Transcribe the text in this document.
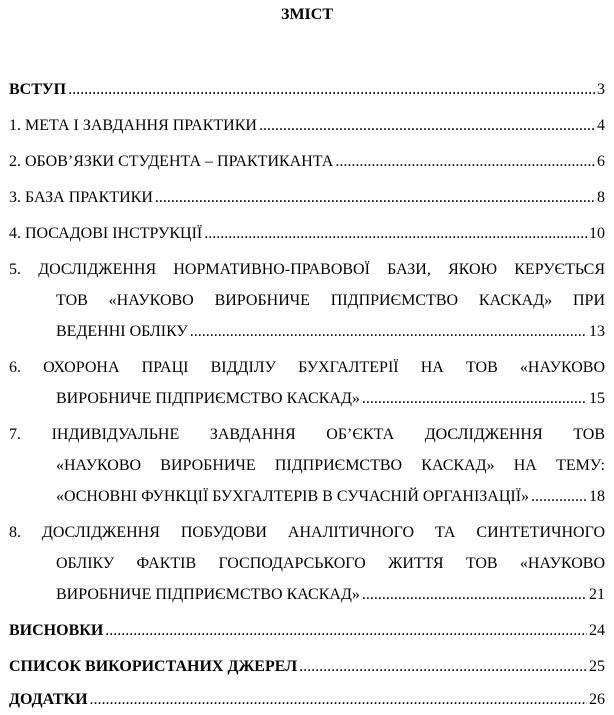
ЗМІСТ
ВСТУП .....	3
1. МЕТА І ЗАВДАННЯ ПРАКТИКИ .....	4
2. ОБОВ’ЯЗКИ СТУДЕНТА – ПРАКТИКАНТА .....	6
3. БАЗА ПРАКТИКИ .....	8
4. ПОСАДОВІ ІНСТРУКЦІЇ .....	10
5. ДОСЛІДЖЕННЯ НОРМАТИВНО-ПРАВОВОЇ БАЗИ, ЯКОЮ КЕРУЄТЬСЯ
ТОВ «НАУКОВО ВИРОБНИЧЕ ПІДПРИЄМСТВО КАСКАД» ПРИ
ВЕДЕННІ ОБЛІКУ .....	13
6. ОХОРОНА ПРАЦІ ВІДДІЛУ БУХГАЛТЕРІЇ НА ТОВ «НАУКОВО
ВИРОБНИЧЕ ПІДПРИЄМСТВО КАСКАД» .....	15
7. ІНДИВІДУАЛЬНЕ ЗАВДАННЯ ОБ’ЄКТА ДОСЛІДЖЕННЯ ТОВ
«НАУКОВО ВИРОБНИЧЕ ПІДПРИЄМСТВО КАСКАД» НА ТЕМУ:
«ОСНОВНІ ФУНКЦІЇ БУХГАЛТЕРІВ В СУЧАСНІЙ ОРГАНІЗАЦІЇ» .....	18
8. ДОСЛІДЖЕННЯ ПОБУДОВИ АНАЛІТИЧНОГО ТА СИНТЕТИЧНОГО
ОБЛІКУ ФАКТІВ ГОСПОДАРСЬКОГО ЖИТТЯ ТОВ «НАУКОВО
ВИРОБНИЧЕ ПІДПРИЄМСТВО КАСКАД» .....	21
ВИСНОВКИ .....	24
СПИСОК ВИКОРИСТАНИХ ДЖЕРЕЛ .....	25
ДОДАТКИ .....	26
